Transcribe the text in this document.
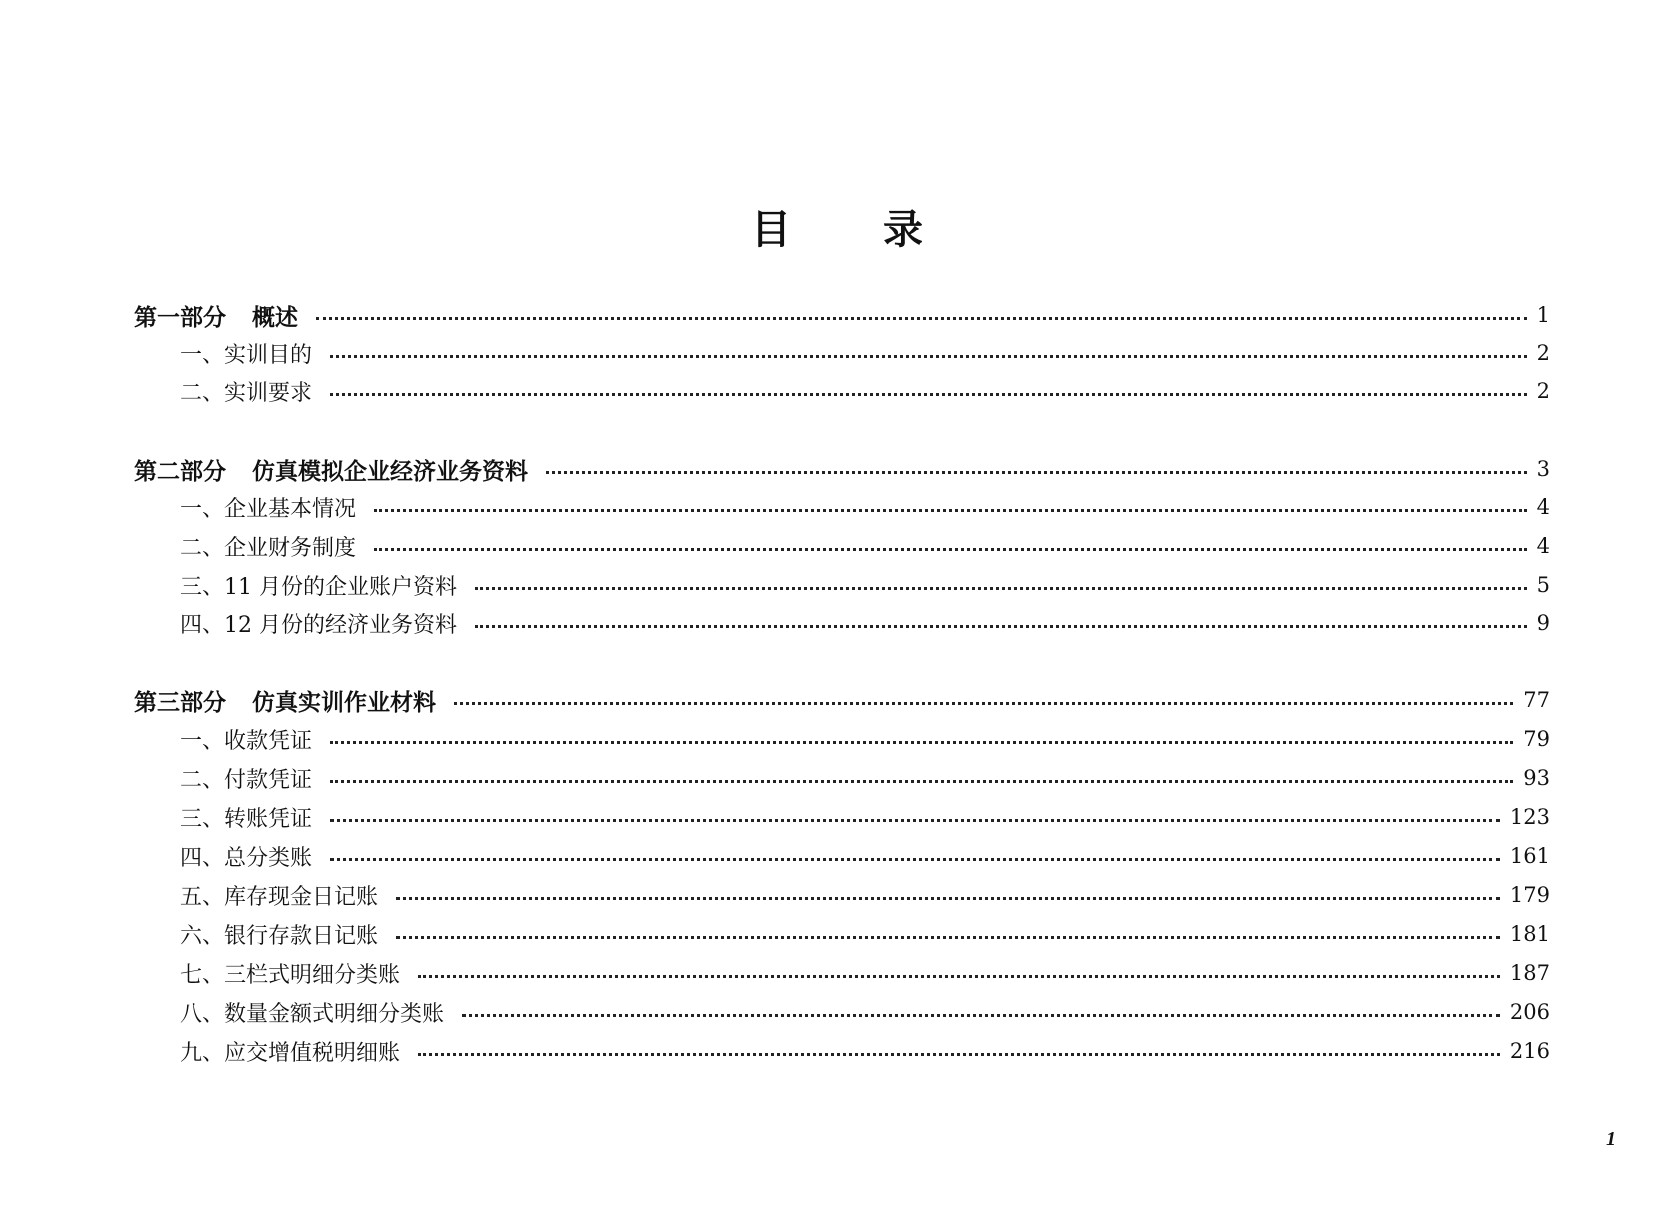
目 录
第一部分 概述	1
一、实训目的	2
二、实训要求	2
第二部分 仿真模拟企业经济业务资料	3
一、企业基本情况	4
二、企业财务制度	4
三、11 月份的企业账户资料	5
四、12 月份的经济业务资料	9
第三部分 仿真实训作业材料	77
一、收款凭证	79
二、付款凭证	93
三、转账凭证	123
四、总分类账	161
五、库存现金日记账	179
六、银行存款日记账	181
七、三栏式明细分类账	187
八、数量金额式明细分类账	206
九、应交增值税明细账	216
1
